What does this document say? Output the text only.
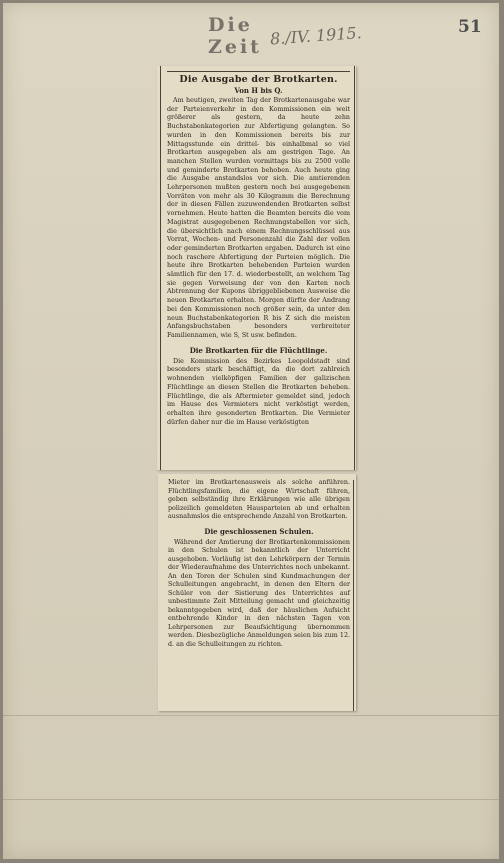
Die Zeit 8./IV. 1915.	51
Die Ausgabe der Brotkarten.
Von H bis Q.

Am heutigen, zweiten Tag der Brotkartenausgabe war der Parteienverkehr in den Kommissionen ein weit größerer als gestern, da heute zehn Buchstabenkategorien zur Abfertigung gelangten. So wurden in den Kommissionen bereits bis zur Mittagsstunde ein drittel- bis einhalbmal so viel Brotkarten ausgegeben als am gestrigen Tage. An manchen Stellen wurden vormittags bis zu 2500 volle und geminderte Brotkarten behoben. Auch heute ging die Ausgabe anstandslos vor sich. Die amtierenden Lehrpersonen mußten gestern noch bei ausgegebenen Vorräten von mehr als 30 Kilogramm die Berechnung der in diesen Fällen zuzuwendenden Brotkarten selbst vornehmen. Heute hatten die Beamten bereits die vom Magistrat ausgegebenen Rechnungstabellen vor sich, die übersichtlich nach einem Rechnungsschlüssel aus Vorrat, Wochen- und Personenzahl die Zahl der vollen oder geminderten Brotkarten ergaben. Dadurch ist eine noch raschere Abfertigung der Parteien möglich. Die heute ihre Brotkarten behebenden Parteien wurden sämtlich für den 17. d. wiederbestellt, an welchem Tag sie gegen Vorweisung der von den Karten noch Abtrennung der Kupons übriggebliebenen Ausweise die neuen Brotkarten erhalten. Morgen dürfte der Andrang bei den Kommissionen noch größer sein, da unter den neun Buchstabenkategorien R bis Z sich die meisten Anfangsbuchstaben besonders verbreiteter Familiennamen, wie S, St usw. befinden.

Die Brotkarten für die Flüchtlinge.

Die Kommission des Bezirkes Leopoldstadt sind besonders stark beschäftigt, da die dort zahlreich wohnenden vielköpfigen Familien der galizischen Flüchtlinge an diesen Stellen die Brotkarten beheben. Flüchtlinge, die als Aftermieter gemeldet sind, jedoch im Hause des Vermieters nicht verköstigt werden, erhalten ihre gesonderten Brotkarten. Die Vermieter dürfen daher nur die im Hause verköstigten

Mieter im Brotkartenausweis als solche anführen. Flüchtlingsfamilien, die eigene Wirtschaft führen, geben selbständig ihre Erklärungen wie alle übrigen polizeilich gemeldeten Hausparteien ab und erhalten ausnahmslos die entsprechende Anzahl von Brotkarten.

Die geschlossenen Schulen.

Während der Amtierung der Brotkartenkommissionen in den Schulen ist bekanntlich der Unterricht ausgehoben. Vorläufig ist den Lehrkörpern der Termin der Wiederaufnahme des Unterrichtes noch unbekannt. An den Toren der Schulen sind Kundmachungen der Schulleitungen angebracht, in denen den Eltern der Schüler von der Sistierung des Unterrichtes auf unbestimmte Zeit Mitteilung gemacht und gleichzeitig bekanntgegeben wird, daß der häuslichen Aufsicht entbehrende Kinder in den nächsten Tagen von Lehrpersonen zur Beaufsichtigung übernommen werden. Diesbezügliche Anmeldungen seien bis zum 12. d. an die Schulleitungen zu richten.
